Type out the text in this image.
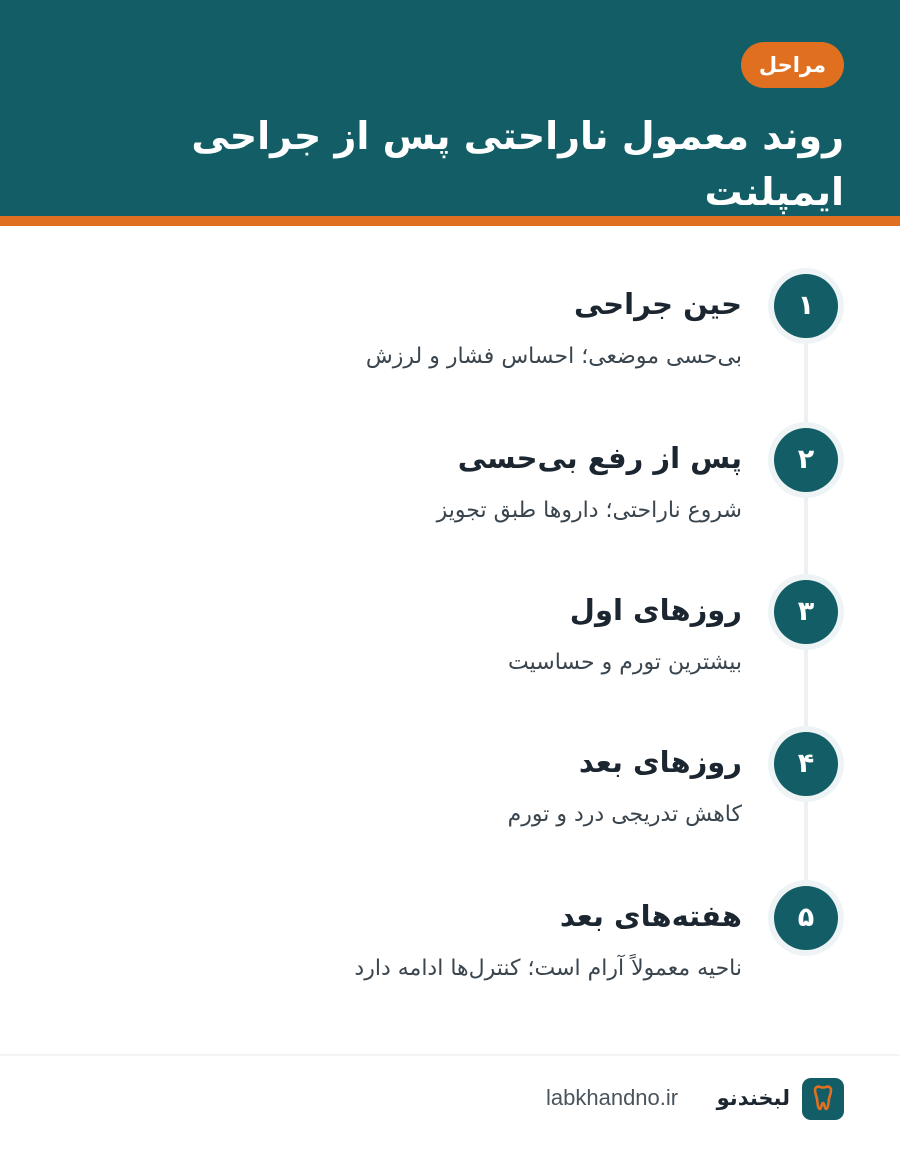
مراحل
روند معمول ناراحتی پس از جراحی ایمپلنت
۱
حین جراحی
بی‌حسی موضعی؛ احساس فشار و لرزش
۲
پس از رفع بی‌حسی
شروع ناراحتی؛ داروها طبق تجویز
۳
روزهای اول
بیشترین تورم و حساسیت
۴
روزهای بعد
کاهش تدریجی درد و تورم
۵
هفته‌های بعد
ناحیه معمولاً آرام است؛ کنترل‌ها ادامه دارد
لبخندنو
labkhandno.ir
